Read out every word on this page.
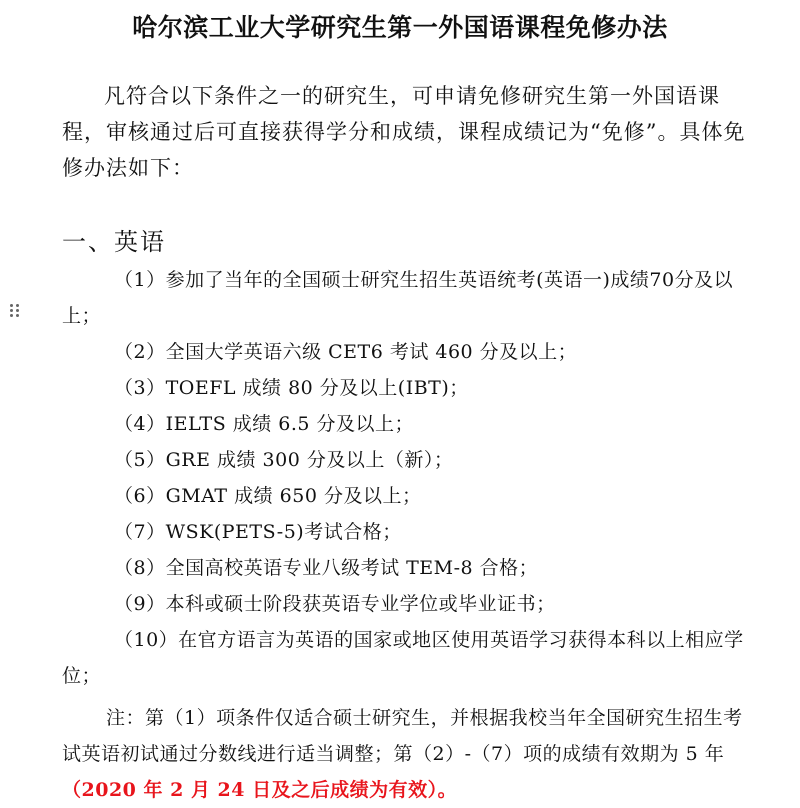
哈尔滨工业大学研究生第一外国语课程免修办法
凡符合以下条件之一的研究生，可申请免修研究生第一外国语课程，审核通过后可直接获得学分和成绩，课程成绩记为“免修”。具体免修办法如下：
一、英语
（1）参加了当年的全国硕士研究生招生英语统考(英语一)成绩70分及以上；
（2）全国大学英语六级 CET6 考试 460 分及以上；
（3）TOEFL 成绩 80 分及以上(IBT)；
（4）IELTS 成绩 6.5 分及以上；
（5）GRE 成绩 300 分及以上（新）；
（6）GMAT 成绩 650 分及以上；
（7）WSK(PETS-5)考试合格；
（8）全国高校英语专业八级考试 TEM-8 合格；
（9）本科或硕士阶段获英语专业学位或毕业证书；
（10）在官方语言为英语的国家或地区使用英语学习获得本科以上相应学位；
注：第（1）项条件仅适合硕士研究生，并根据我校当年全国研究生招生考试英语初试通过分数线进行适当调整；第（2）-（7）项的成绩有效期为 5 年（2020 年 2 月 24 日及之后成绩为有效）。
